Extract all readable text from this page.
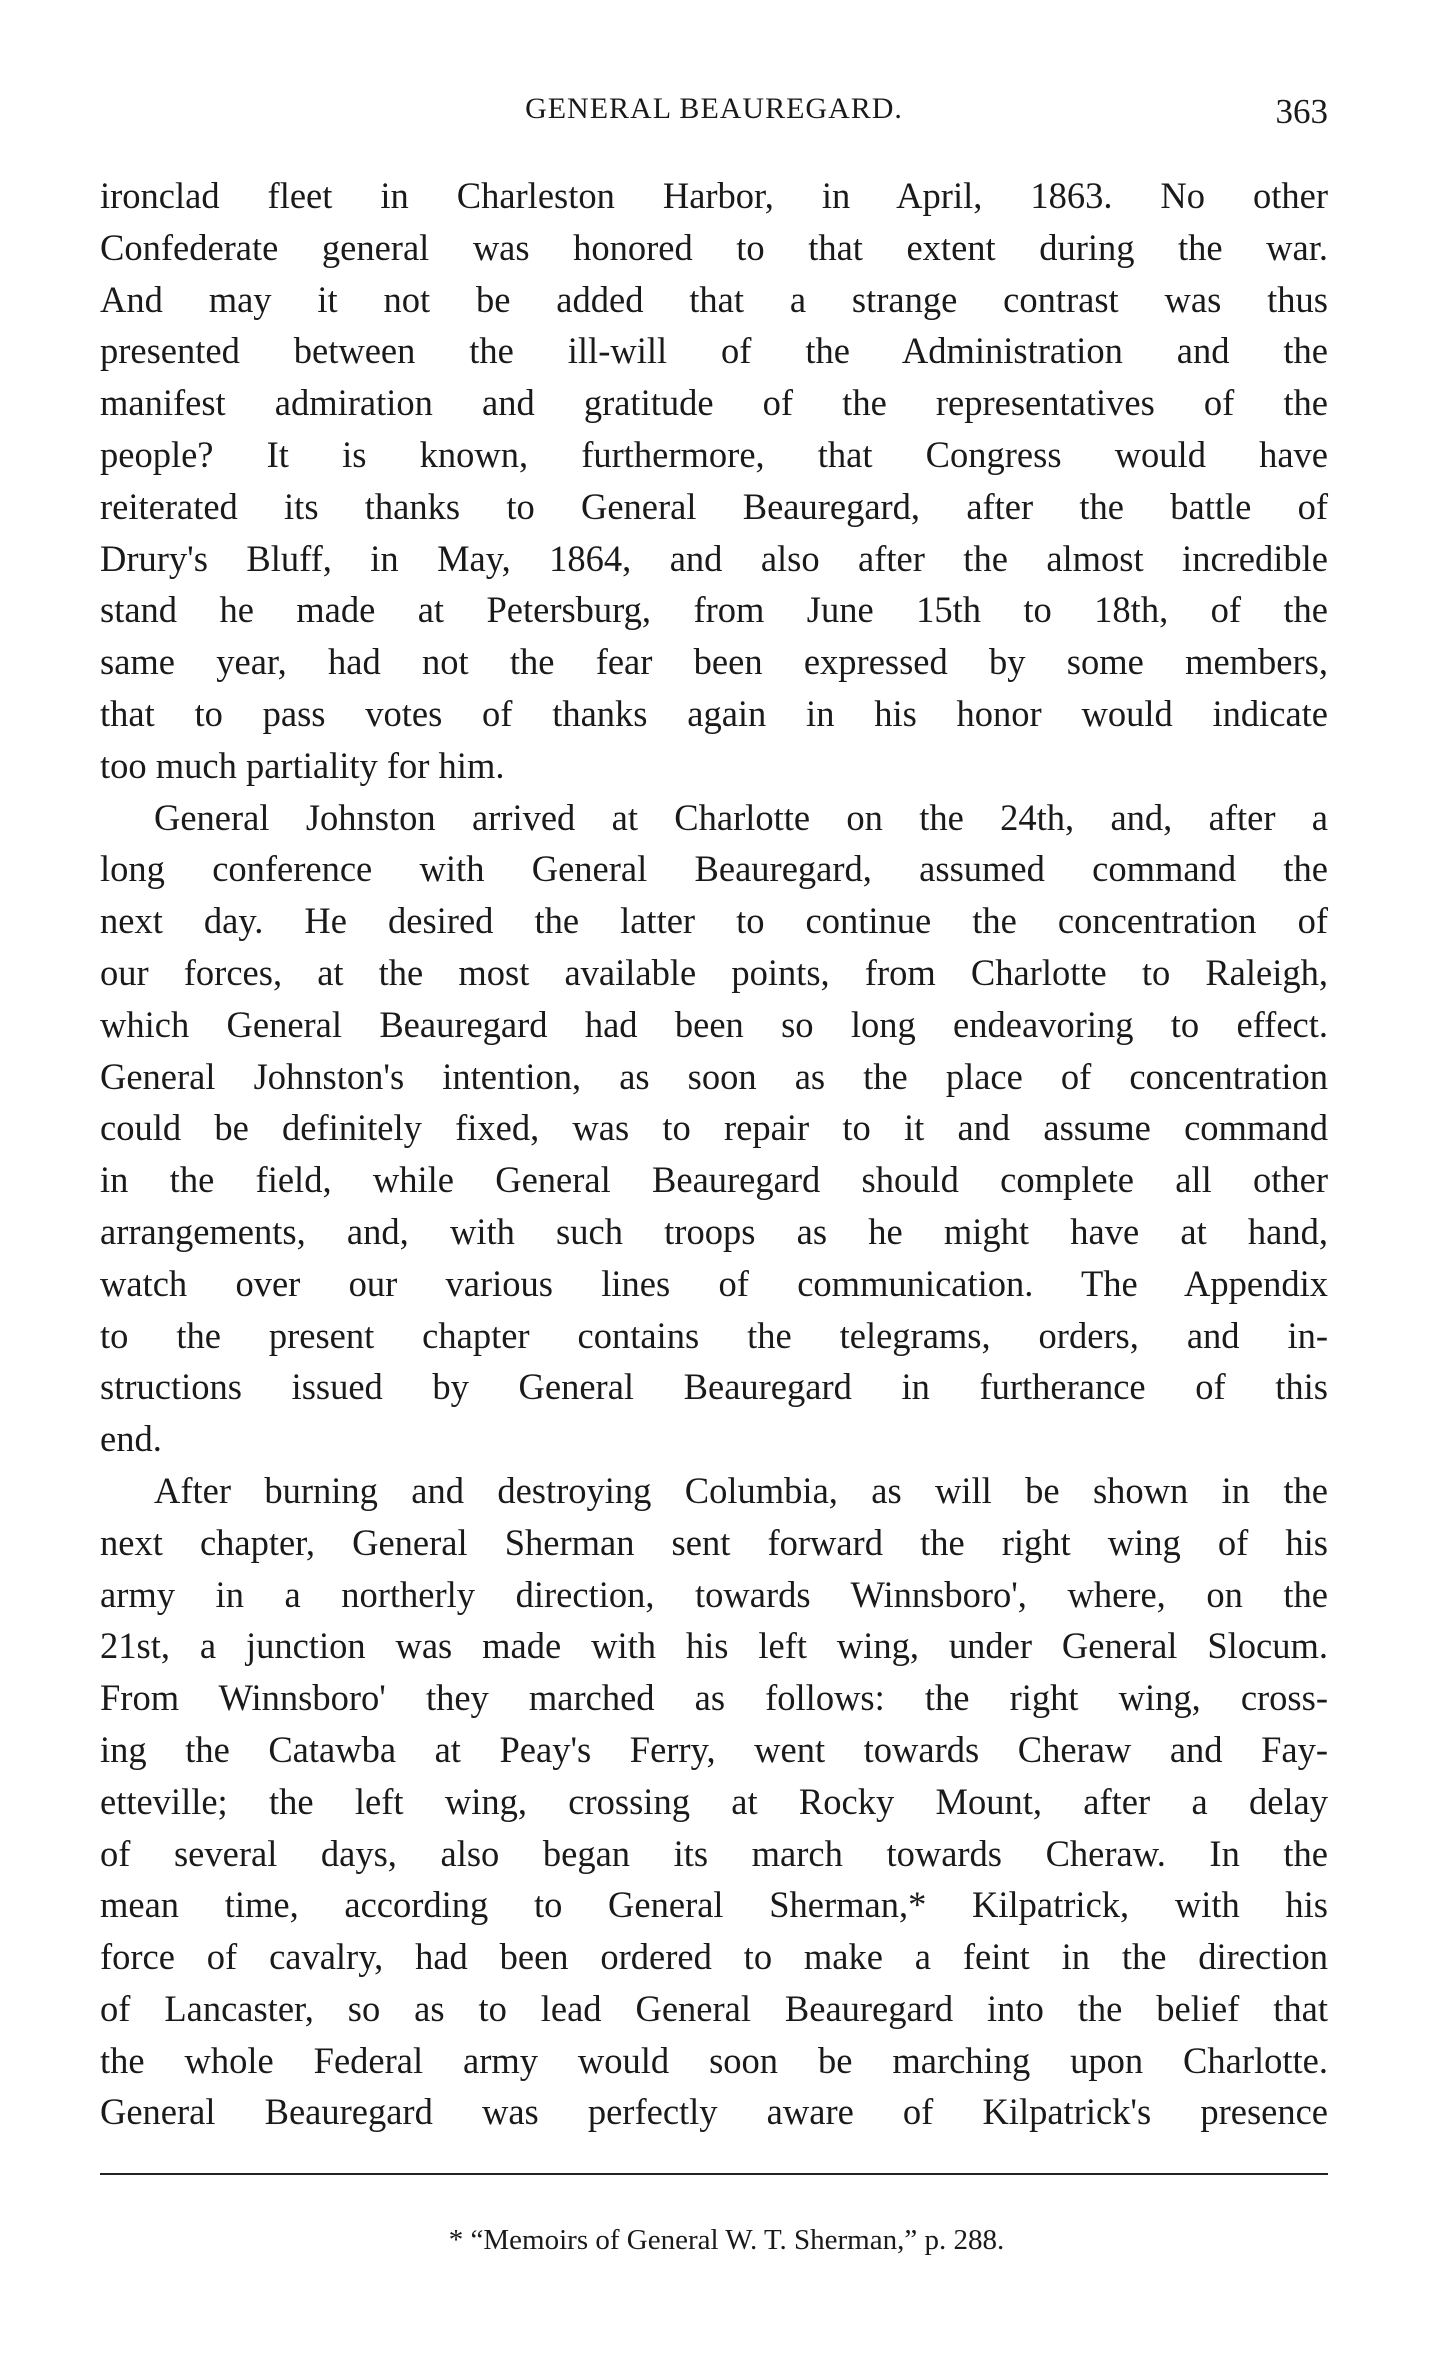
GENERAL BEAUREGARD.	363
ironclad fleet in Charleston Harbor, in April, 1863. No other
Confederate general was honored to that extent during the war.
And may it not be added that a strange contrast was thus
presented between the ill-will of the Administration and the
manifest admiration and gratitude of the representatives of the
people? It is known, furthermore, that Congress would have
reiterated its thanks to General Beauregard, after the battle of
Drury's Bluff, in May, 1864, and also after the almost incredible
stand he made at Petersburg, from June 15th to 18th, of the
same year, had not the fear been expressed by some members,
that to pass votes of thanks again in his honor would indicate
too much partiality for him.
General Johnston arrived at Charlotte on the 24th, and, after a
long conference with General Beauregard, assumed command the
next day. He desired the latter to continue the concentration of
our forces, at the most available points, from Charlotte to Raleigh,
which General Beauregard had been so long endeavoring to effect.
General Johnston's intention, as soon as the place of concentration
could be definitely fixed, was to repair to it and assume command
in the field, while General Beauregard should complete all other
arrangements, and, with such troops as he might have at hand,
watch over our various lines of communication. The Appendix
to the present chapter contains the telegrams, orders, and in-
structions issued by General Beauregard in furtherance of this
end.
After burning and destroying Columbia, as will be shown in the
next chapter, General Sherman sent forward the right wing of his
army in a northerly direction, towards Winnsboro', where, on the
21st, a junction was made with his left wing, under General Slocum.
From Winnsboro' they marched as follows: the right wing, cross-
ing the Catawba at Peay's Ferry, went towards Cheraw and Fay-
etteville; the left wing, crossing at Rocky Mount, after a delay
of several days, also began its march towards Cheraw. In the
mean time, according to General Sherman,* Kilpatrick, with his
force of cavalry, had been ordered to make a feint in the direction
of Lancaster, so as to lead General Beauregard into the belief that
the whole Federal army would soon be marching upon Charlotte.
General Beauregard was perfectly aware of Kilpatrick's presence
* “Memoirs of General W. T. Sherman,” p. 288.
